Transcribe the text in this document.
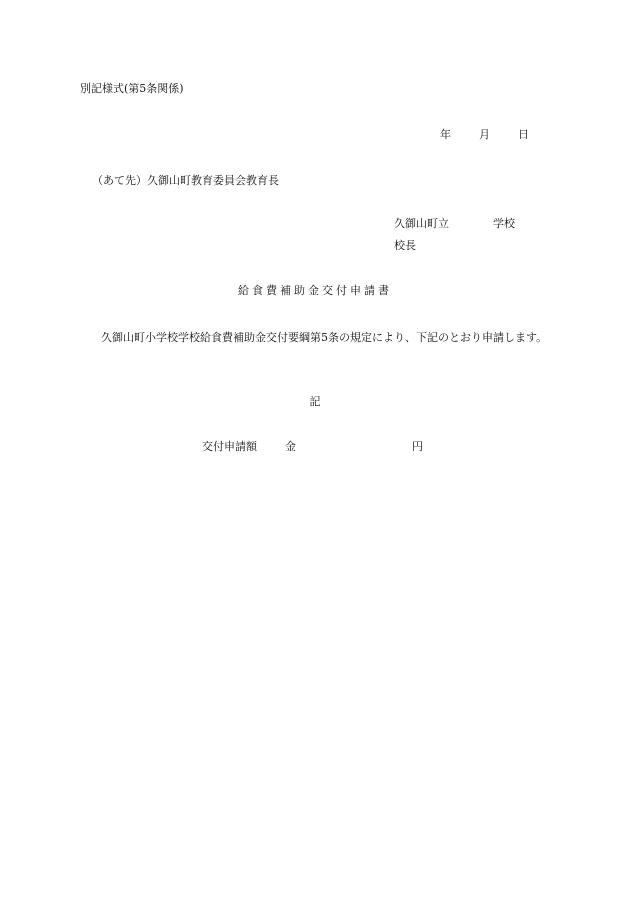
別記様式(第5条関係)
年	月	日
（あて先）久御山町教育委員会教育長
久御山町立	学校
校長
給食費補助金交付申請書
久御山町小学校学校給食費補助金交付要綱第5条の規定により、下記のとおり申請します。
記
交付申請額	金	円
